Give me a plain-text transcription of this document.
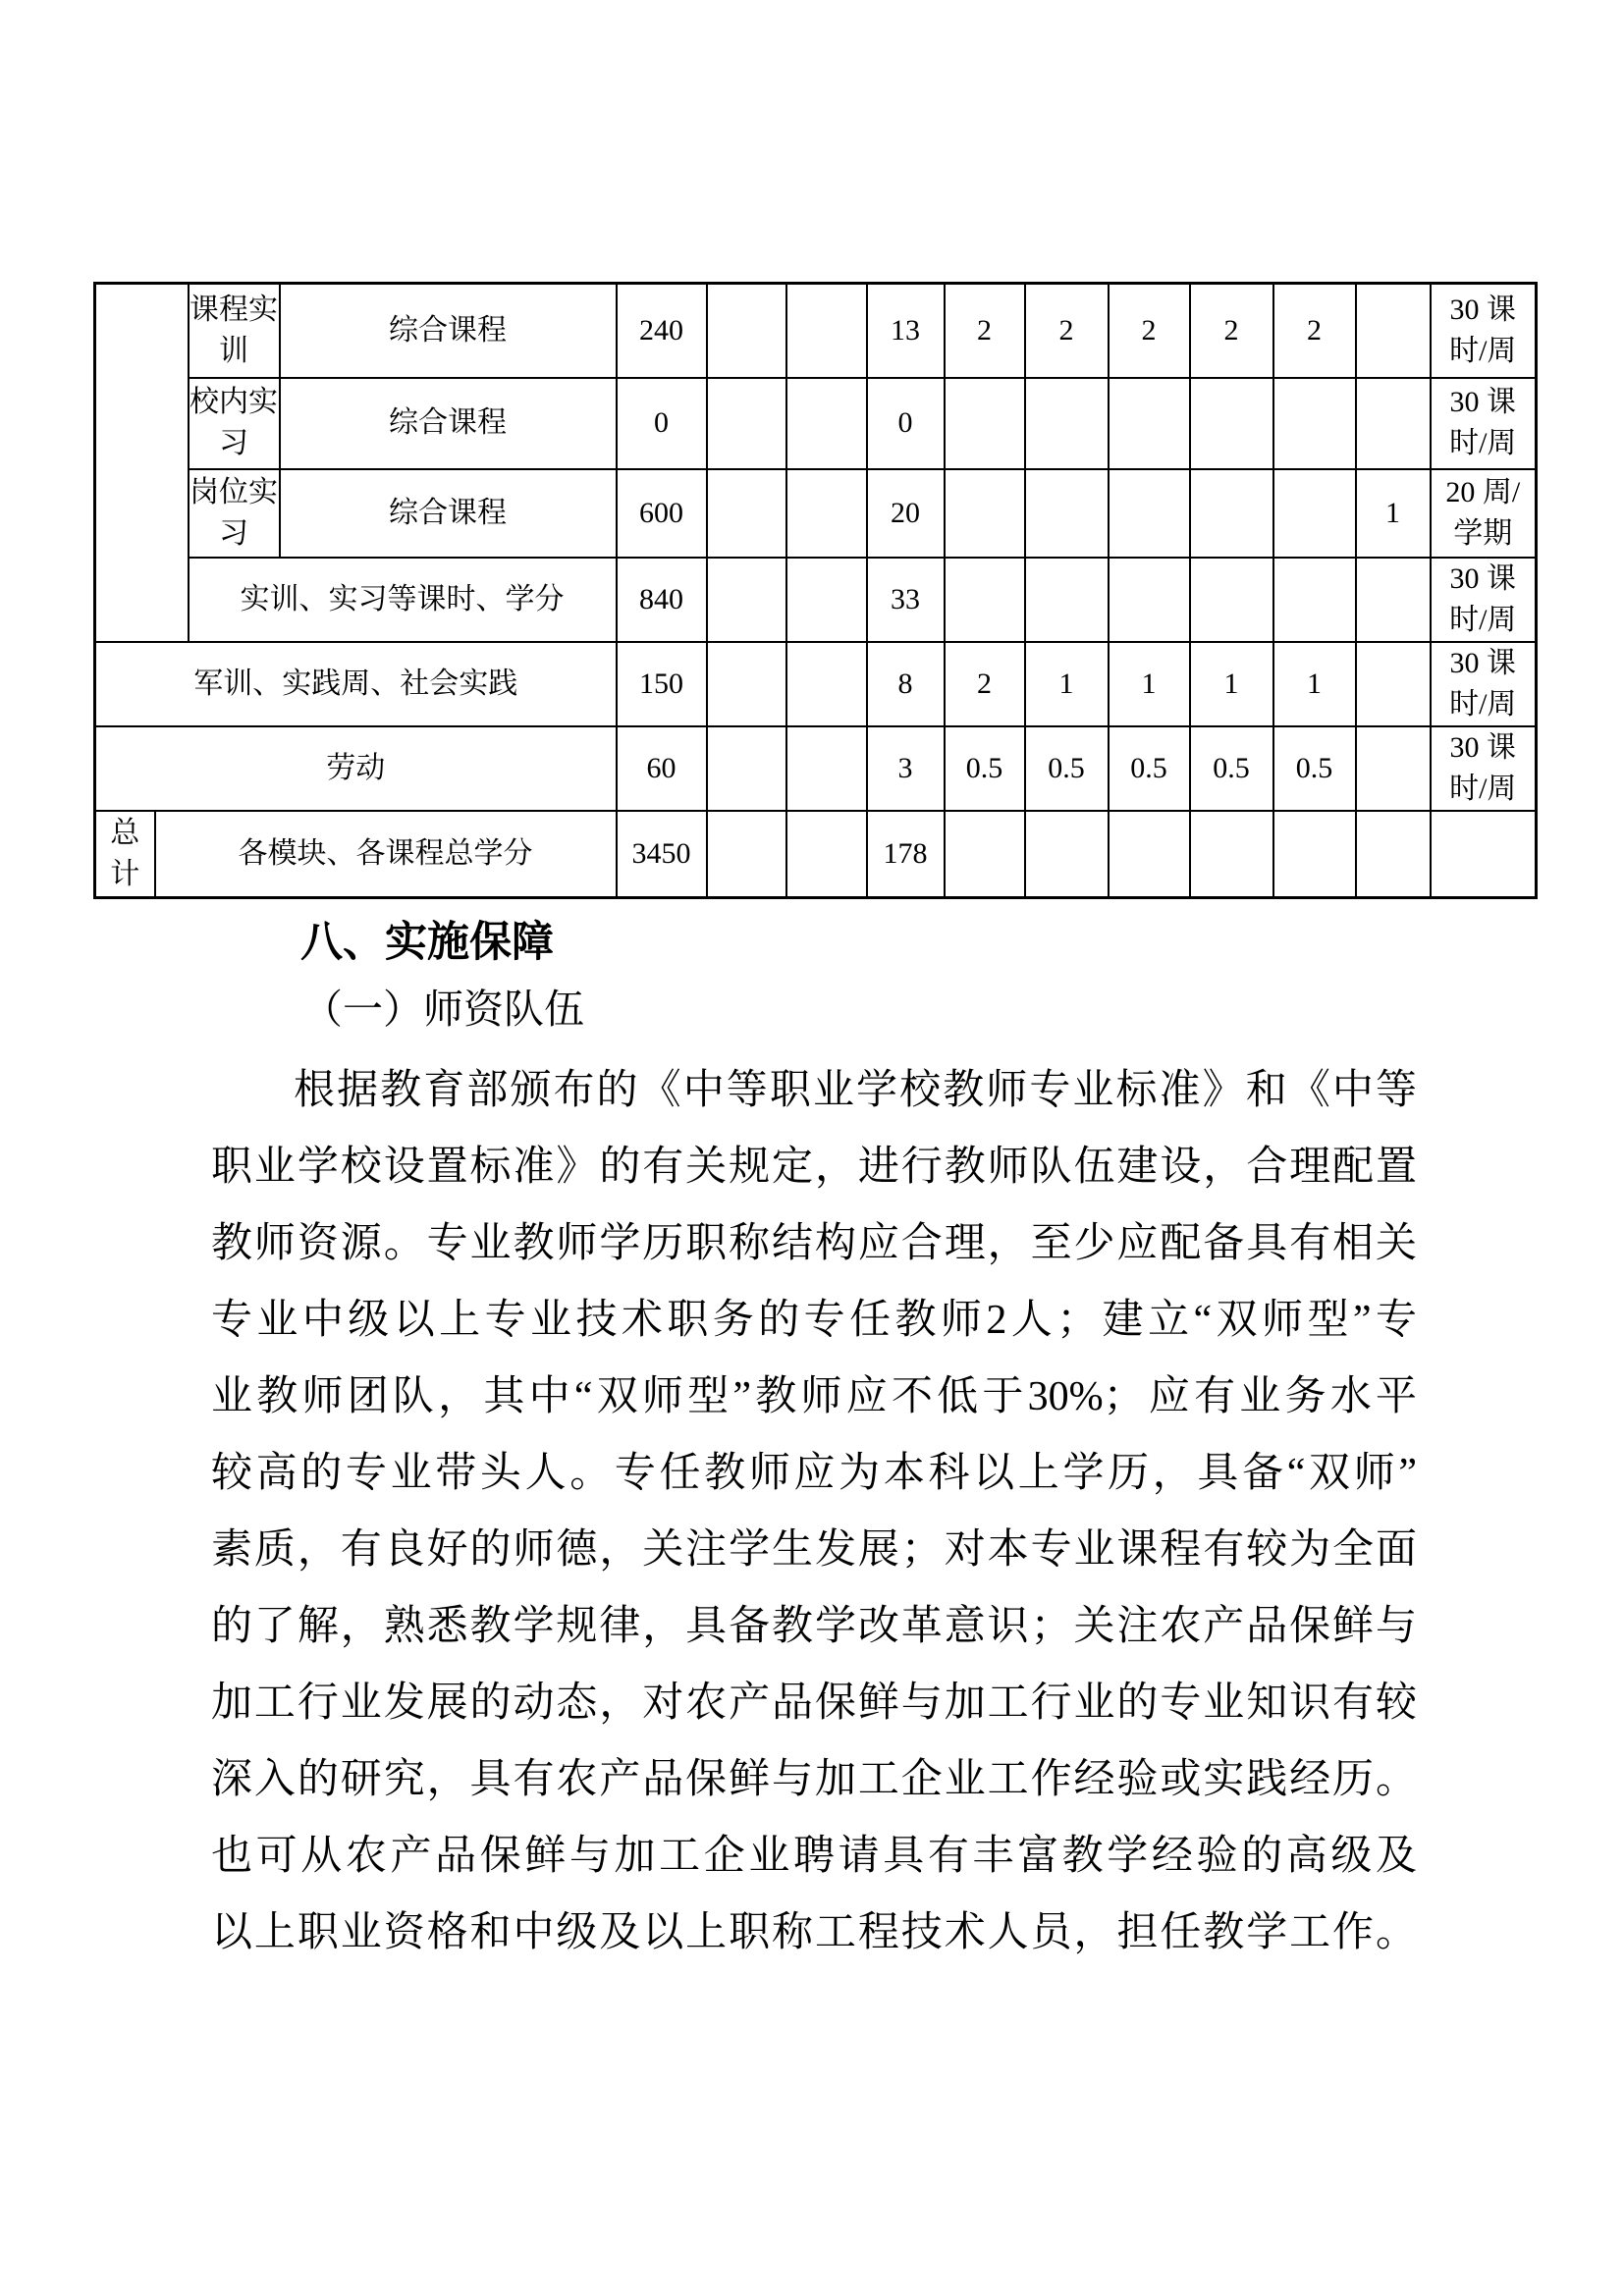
		课程实训	综合课程	240			13	2	2	2	2	2		30 课时/周
		校内实习	综合课程	0			0							30 课时/周
		岗位实习	综合课程	600			20						1	20 周/学期
		实训、实习等课时、学分		840			33							30 课时/周
军训、实践周、社会实践				150			8	2	1	1	1	1		30 课时/周
劳动				60			3	0.5	0.5	0.5	0.5	0.5		30 课时/周
总计	各模块、各课程总学分			3450			178							
八、实施保障
（一）师资队伍
根据教育部颁布的《中等职业学校教师专业标准》和《中等
职业学校设置标准》的有关规定，进行教师队伍建设，合理配置
教师资源。专业教师学历职称结构应合理，至少应配备具有相关
专业中级以上专业技术职务的专任教师2人；建立“双师型”专
业教师团队，其中“双师型”教师应不低于30%；应有业务水平
较高的专业带头人。专任教师应为本科以上学历，具备“双师”
素质，有良好的师德，关注学生发展；对本专业课程有较为全面
的了解，熟悉教学规律，具备教学改革意识；关注农产品保鲜与
加工行业发展的动态，对农产品保鲜与加工行业的专业知识有较
深入的研究，具有农产品保鲜与加工企业工作经验或实践经历。
也可从农产品保鲜与加工企业聘请具有丰富教学经验的高级及
以上职业资格和中级及以上职称工程技术人员，担任教学工作。
